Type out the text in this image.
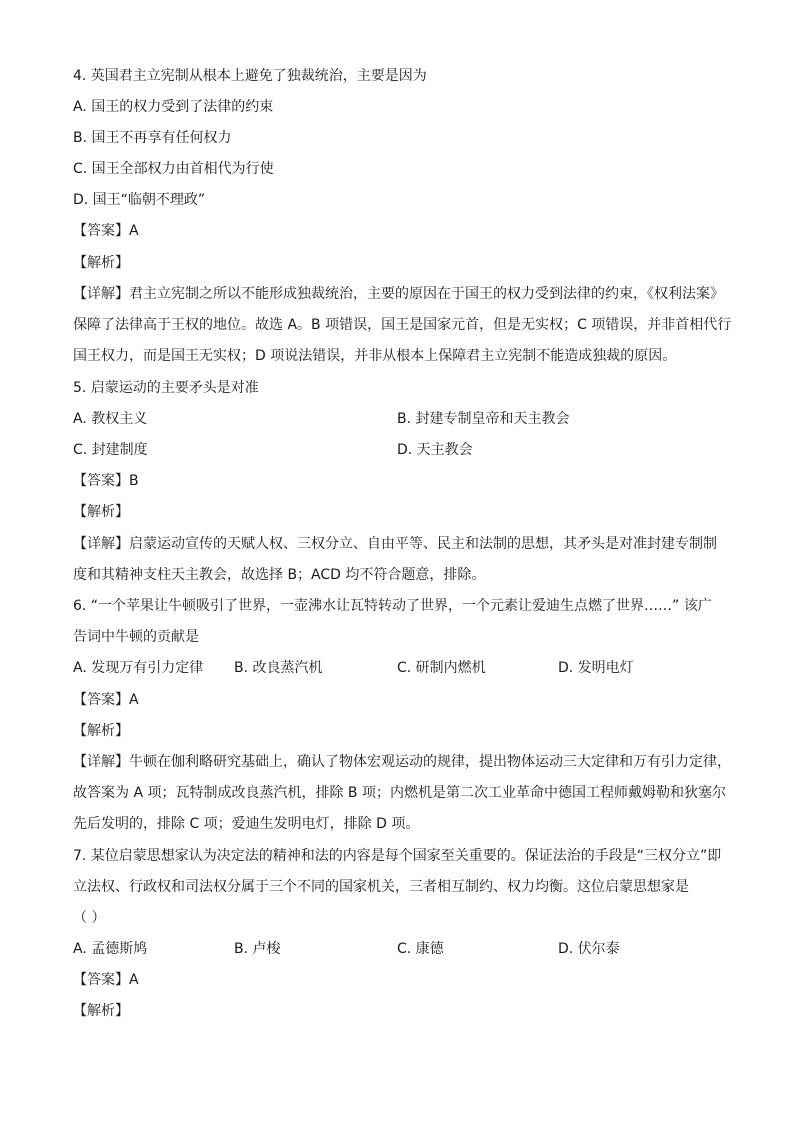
4. 英国君主立宪制从根本上避免了独裁统治，主要是因为
A. 国王的权力受到了法律的约束
B. 国王不再享有任何权力
C. 国王全部权力由首相代为行使
D. 国王“临朝不理政”
【答案】A
【解析】
【详解】君主立宪制之所以不能形成独裁统治，主要的原因在于国王的权力受到法律的约束，《权利法案》
保障了法律高于王权的地位。故选 A。B 项错误，国王是国家元首，但是无实权；C 项错误，并非首相代行
国王权力，而是国王无实权；D 项说法错误，并非从根本上保障君主立宪制不能造成独裁的原因。
5. 启蒙运动的主要矛头是对准
A. 教权主义	B. 封建专制皇帝和天主教会
C. 封建制度	D. 天主教会
【答案】B
【解析】
【详解】启蒙运动宣传的天赋人权、三权分立、自由平等、民主和法制的思想，其矛头是对准封建专制制
度和其精神支柱天主教会，故选择 B；ACD 均不符合题意，排除。
6. “一个苹果让牛顿吸引了世界，一壶沸水让瓦特转动了世界，一个元素让爱迪生点燃了世界……” 该广
告词中牛顿的贡献是
A. 发现万有引力定律 B. 改良蒸汽机	C. 研制内燃机	D. 发明电灯
【答案】A
【解析】
【详解】牛顿在伽利略研究基础上，确认了物体宏观运动的规律，提出物体运动三大定律和万有引力定律，
故答案为 A 项；瓦特制成改良蒸汽机，排除 B 项；内燃机是第二次工业革命中德国工程师戴姆勒和狄塞尔
先后发明的，排除 C 项；爱迪生发明电灯，排除 D 项。
7. 某位启蒙思想家认为决定法的精神和法的内容是每个国家至关重要的。保证法治的手段是“三权分立”即
立法权、行政权和司法权分属于三个不同的国家机关，三者相互制约、权力均衡。这位启蒙思想家是
（ ）
A. 孟德斯鸠	B. 卢梭	C. 康德	D. 伏尔泰
【答案】A
【解析】
